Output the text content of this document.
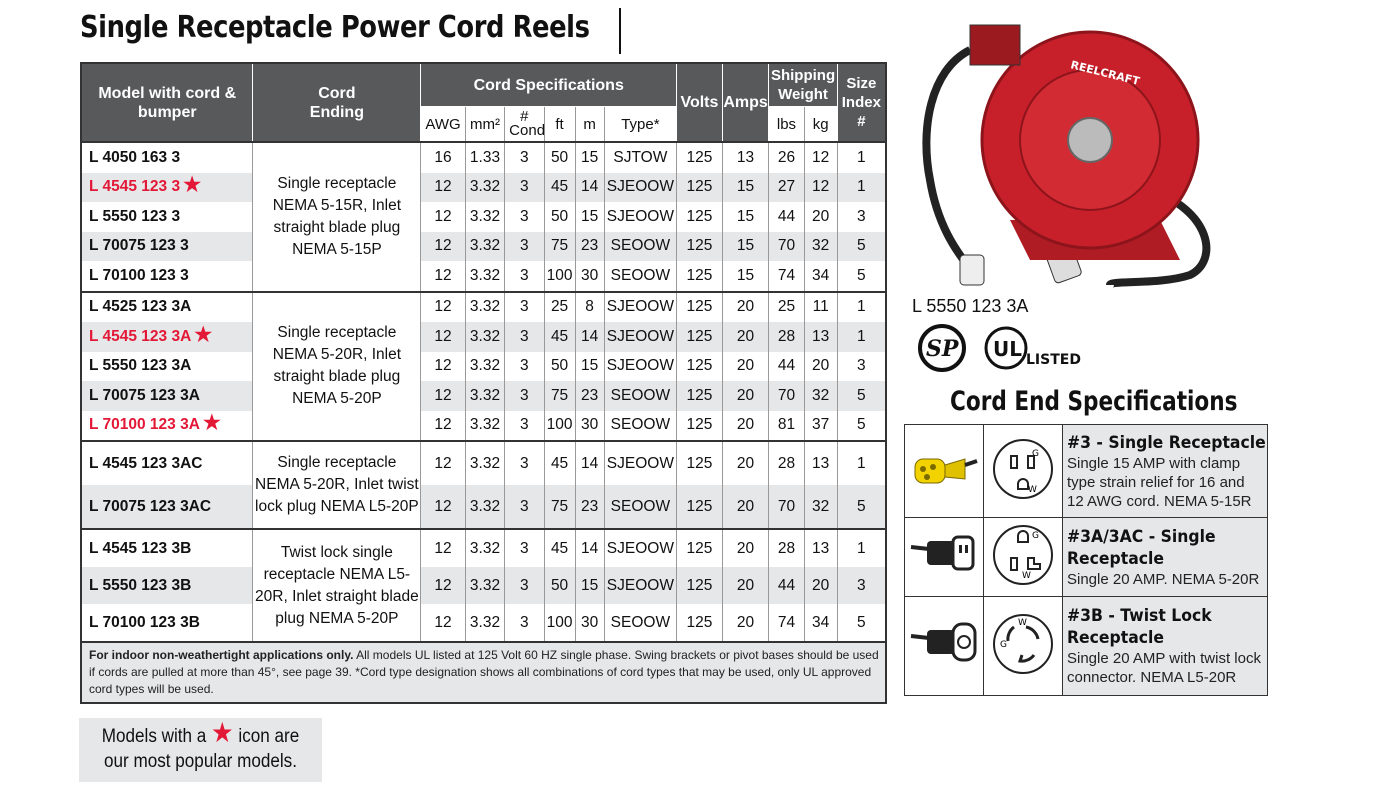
Single Receptacle Power Cord Reels
Model with cord & bumper	Cord Ending	Cord Specifications						Volts	Amps	Shipping Weight		Size Index #
		AWG	mm²	# Cond	ft	m	Type*			lbs	kg	
L 4050 163 3	Single receptacle NEMA 5-15R, Inlet straight blade plug NEMA 5-15P	16	1.33	3	50	15	SJTOW	125	13	26	12	1
L 4545 123 3 ★		12	3.32	3	45	14	SJEOOW	125	15	27	12	1
L 5550 123 3		12	3.32	3	50	15	SJEOOW	125	15	44	20	3
L 70075 123 3		12	3.32	3	75	23	SEOOW	125	15	70	32	5
L 70100 123 3		12	3.32	3	100	30	SEOOW	125	15	74	34	5
L 4525 123 3A	Single receptacle NEMA 5-20R, Inlet straight blade plug NEMA 5-20P	12	3.32	3	25	8	SJEOOW	125	20	25	11	1
L 4545 123 3A ★		12	3.32	3	45	14	SJEOOW	125	20	28	13	1
L 5550 123 3A		12	3.32	3	50	15	SJEOOW	125	20	44	20	3
L 70075 123 3A		12	3.32	3	75	23	SEOOW	125	20	70	32	5
L 70100 123 3A ★		12	3.32	3	100	30	SEOOW	125	20	81	37	5
L 4545 123 3AC	Single receptacle NEMA 5-20R, Inlet twist lock plug NEMA L5-20P	12	3.32	3	45	14	SJEOOW	125	20	28	13	1
L 70075 123 3AC		12	3.32	3	75	23	SEOOW	125	20	70	32	5
L 4545 123 3B	Twist lock single receptacle NEMA L5-20R, Inlet straight blade plug NEMA 5-20P	12	3.32	3	45	14	SJEOOW	125	20	28	13	1
L 5550 123 3B		12	3.32	3	50	15	SJEOOW	125	20	44	20	3
L 70100 123 3B		12	3.32	3	100	30	SEOOW	125	20	74	34	5
For indoor non-weathertight applications only. All models UL listed at 125 Volt 60 HZ single phase. Swing brackets or pivot bases should be used if cords are pulled at more than 45°, see page 39. *Cord type designation shows all combinations of cord types that may be used, only UL approved cord types will be used.												
Models with a ★ icon are
our most popular models.
REELCRAFT
L 5550 123 3A
SP UL LISTED
Cord End Specifications

G
W	#3 - Single Receptacle
Single 15 AMP with clamp type strain relief for 16 and 12 AWG cord. NEMA 5-15R

G
W	#3A/3AC - Single Receptacle
Single 20 AMP. NEMA 5-20R

G
W	#3B - Twist Lock Receptacle
Single 20 AMP with twist lock connector. NEMA L5-20R
